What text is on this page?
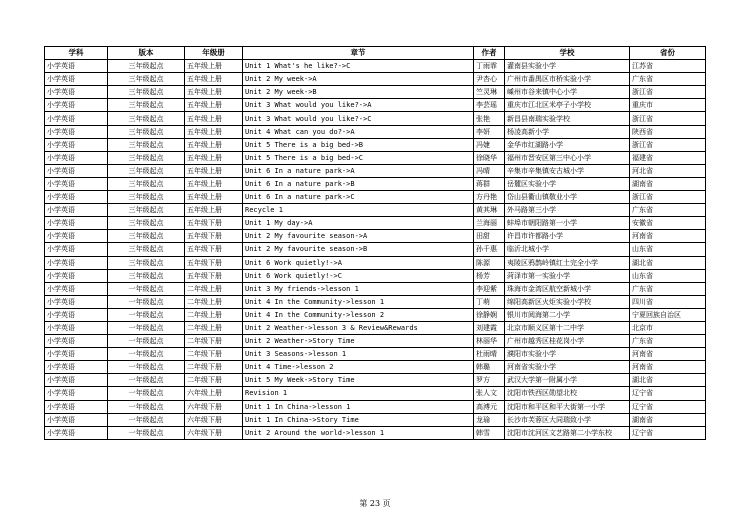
学科	版本	年级册	章节	作者	学校	省份
小学英语	三年级起点	五年级上册	Unit 1 What's he like?->C	丁雨霏	灌南县实验小学	江苏省
小学英语	三年级起点	五年级上册	Unit 2 My week->A	尹杏心	广州市番禺区市桥实验小学	广东省
小学英语	三年级起点	五年级上册	Unit 2 My week->B	竺灵琳	嵊州市谷来镇中心小学	浙江省
小学英语	三年级起点	五年级上册	Unit 3 What would you like?->A	李芸瑶	重庆市江北区米亭子小学校	重庆市
小学英语	三年级起点	五年级上册	Unit 3 What would you like?->C	张艳	新昌县南瑞实验学校	浙江省
小学英语	三年级起点	五年级上册	Unit 4 What can you do?->A	李妍	杨凌高新小学	陕西省
小学英语	三年级起点	五年级上册	Unit 5 There is a big bed->B	冯婕	金华市红湖路小学	浙江省
小学英语	三年级起点	五年级上册	Unit 5 There is a big bed->C	徐晓华	福州市晋安区第三中心小学	福建省
小学英语	三年级起点	五年级上册	Unit 6 In a nature park->A	冯晴	辛集市辛集镇安古城小学	河北省
小学英语	三年级起点	五年级上册	Unit 6 In a nature park->B	蒋群	岳麓区实验小学	湖南省
小学英语	三年级起点	五年级上册	Unit 6 In a nature park->C	方丹艳	岱山县衢山镇敬业小学	浙江省
小学英语	三年级起点	五年级上册	Recycle 1	黄其琳	外马路第三小学	广东省
小学英语	三年级起点	五年级下册	Unit 1 My day->A	兰海丽	蚌埠市朝阳路第一小学	安徽省
小学英语	三年级起点	五年级下册	Unit 2 My favourite season->A	田甜	许昌市许都路小学	河南省
小学英语	三年级起点	五年级下册	Unit 2 My favourite season->B	孙千惠	临沂北城小学	山东省
小学英语	三年级起点	五年级下册	Unit 6 Work quietly!->A	陈源	夷陵区鸦鹊岭镇红土完全小学	湖北省
小学英语	三年级起点	五年级下册	Unit 6 Work quietly!->C	杨芳	菏泽市第一实验小学	山东省
小学英语	一年级起点	二年级上册	Unit 3 My friends->lesson 1	李迎紫	珠海市金湾区航空新城小学	广东省
小学英语	一年级起点	二年级上册	Unit 4 In the Community->lesson 1	丁萌	绵阳高新区火炬实验小学校	四川省
小学英语	一年级起点	二年级上册	Unit 4 In the Community->lesson 2	徐静娴	银川市阅海第二小学	宁夏回族自治区
小学英语	一年级起点	二年级上册	Unit 2 Weather->lesson 3 & Review&Rewards	刘建霞	北京市顺义区第十二中学	北京市
小学英语	一年级起点	二年级下册	Unit 2 Weather->Story Time	林丽华	广州市越秀区桂花岗小学	广东省
小学英语	一年级起点	二年级下册	Unit 3 Seasons->lesson 1	杜雨晴	濮阳市实验小学	河南省
小学英语	一年级起点	二年级下册	Unit 4 Time->lesson 2	韩璐	河南省实验小学	河南省
小学英语	一年级起点	二年级下册	Unit 5 My Week->Story Time	罗方	武汉大学第一附属小学	湖北省
小学英语	一年级起点	六年级上册	Revision 1	张人文	沈阳市铁西区勋望北校	辽宁省
小学英语	一年级起点	六年级下册	Unit 1 In China->lesson 1	高溥元	沈阳市和平区和平大街第一小学	辽宁省
小学英语	一年级起点	六年级下册	Unit 1 In China->Story Time	龙瑜	长沙市芙蓉区大同瑞致小学	湖南省
小学英语	一年级起点	六年级下册	Unit 2 Around the world->lesson 1	韩雪	沈阳市沈河区文艺路第二小学东校	辽宁省
第 23 页
